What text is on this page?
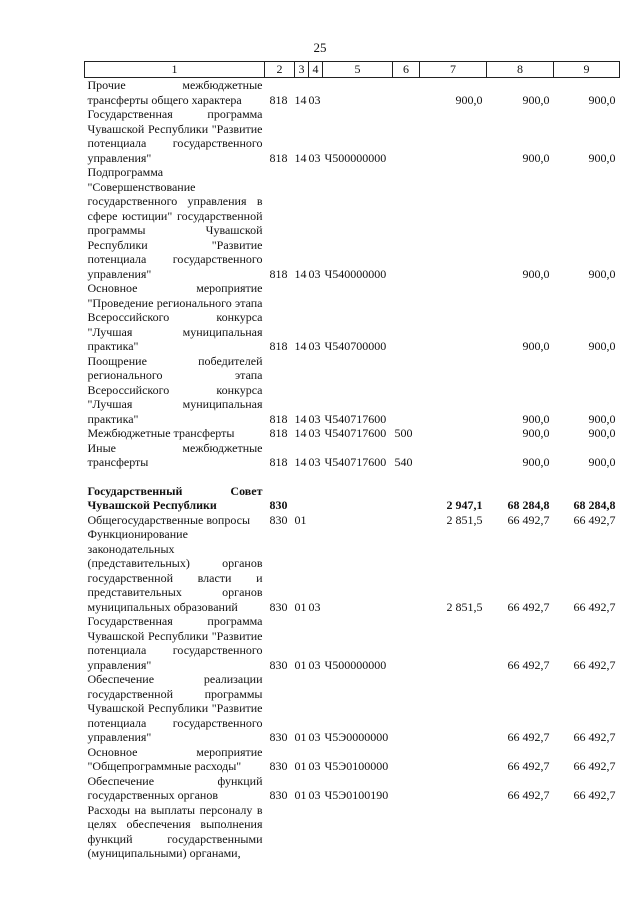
25
1	2	3	4	5	6	7	8	9
Прочие межбюджетные трансферты общего характера	818	14	03			900,0	900,0	900,0
Государственная программа Чувашской Республики "Развитие потенциала государственного управления"	818	14	03	Ч500000000			900,0	900,0
Подпрограмма "Совершенствование государственного управления в сфере юстиции" государственной программы Чувашской Республики "Развитие потенциала государственного управления"	818	14	03	Ч540000000			900,0	900,0
Основное мероприятие "Проведение регионального этапа Всероссийского конкурса "Лучшая муниципальная практика"	818	14	03	Ч540700000			900,0	900,0
Поощрение победителей регионального этапа Всероссийского конкурса "Лучшая муниципальная практика"	818	14	03	Ч540717600			900,0	900,0
Межбюджетные трансферты	818	14	03	Ч540717600	500		900,0	900,0
Иные межбюджетные трансферты	818	14	03	Ч540717600	540		900,0	900,0

Государственный Совет Чувашской Республики	830					2 947,1	68 284,8	68 284,8
Общегосударственные вопросы	830	01				2 851,5	66 492,7	66 492,7
Функционирование законодательных (представительных) органов государственной власти и представительных органов муниципальных образований	830	01	03			2 851,5	66 492,7	66 492,7
Государственная программа Чувашской Республики "Развитие потенциала государственного управления"	830	01	03	Ч500000000			66 492,7	66 492,7
Обеспечение реализации государственной программы Чувашской Республики "Развитие потенциала государственного управления"	830	01	03	Ч5Э0000000			66 492,7	66 492,7
Основное мероприятие "Общепрограммные расходы"	830	01	03	Ч5Э0100000			66 492,7	66 492,7
Обеспечение функций государственных органов	830	01	03	Ч5Э0100190			66 492,7	66 492,7
Расходы на выплаты персоналу в целях обеспечения выполнения функций государственными (муниципальными) органами,								
